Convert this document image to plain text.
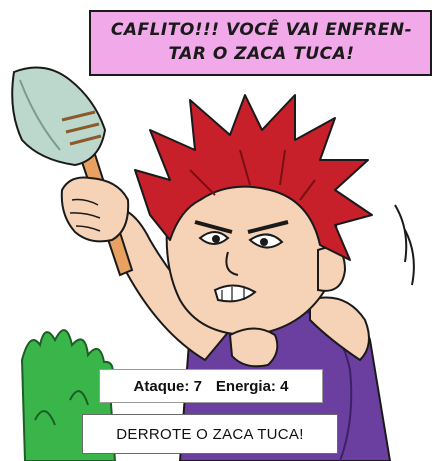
CAFLITO!!! VOCÊ VAI ENFREN-
TAR O ZACA TUCA!
Ataque: 7 Energia: 4
DERROTE O ZACA TUCA!
